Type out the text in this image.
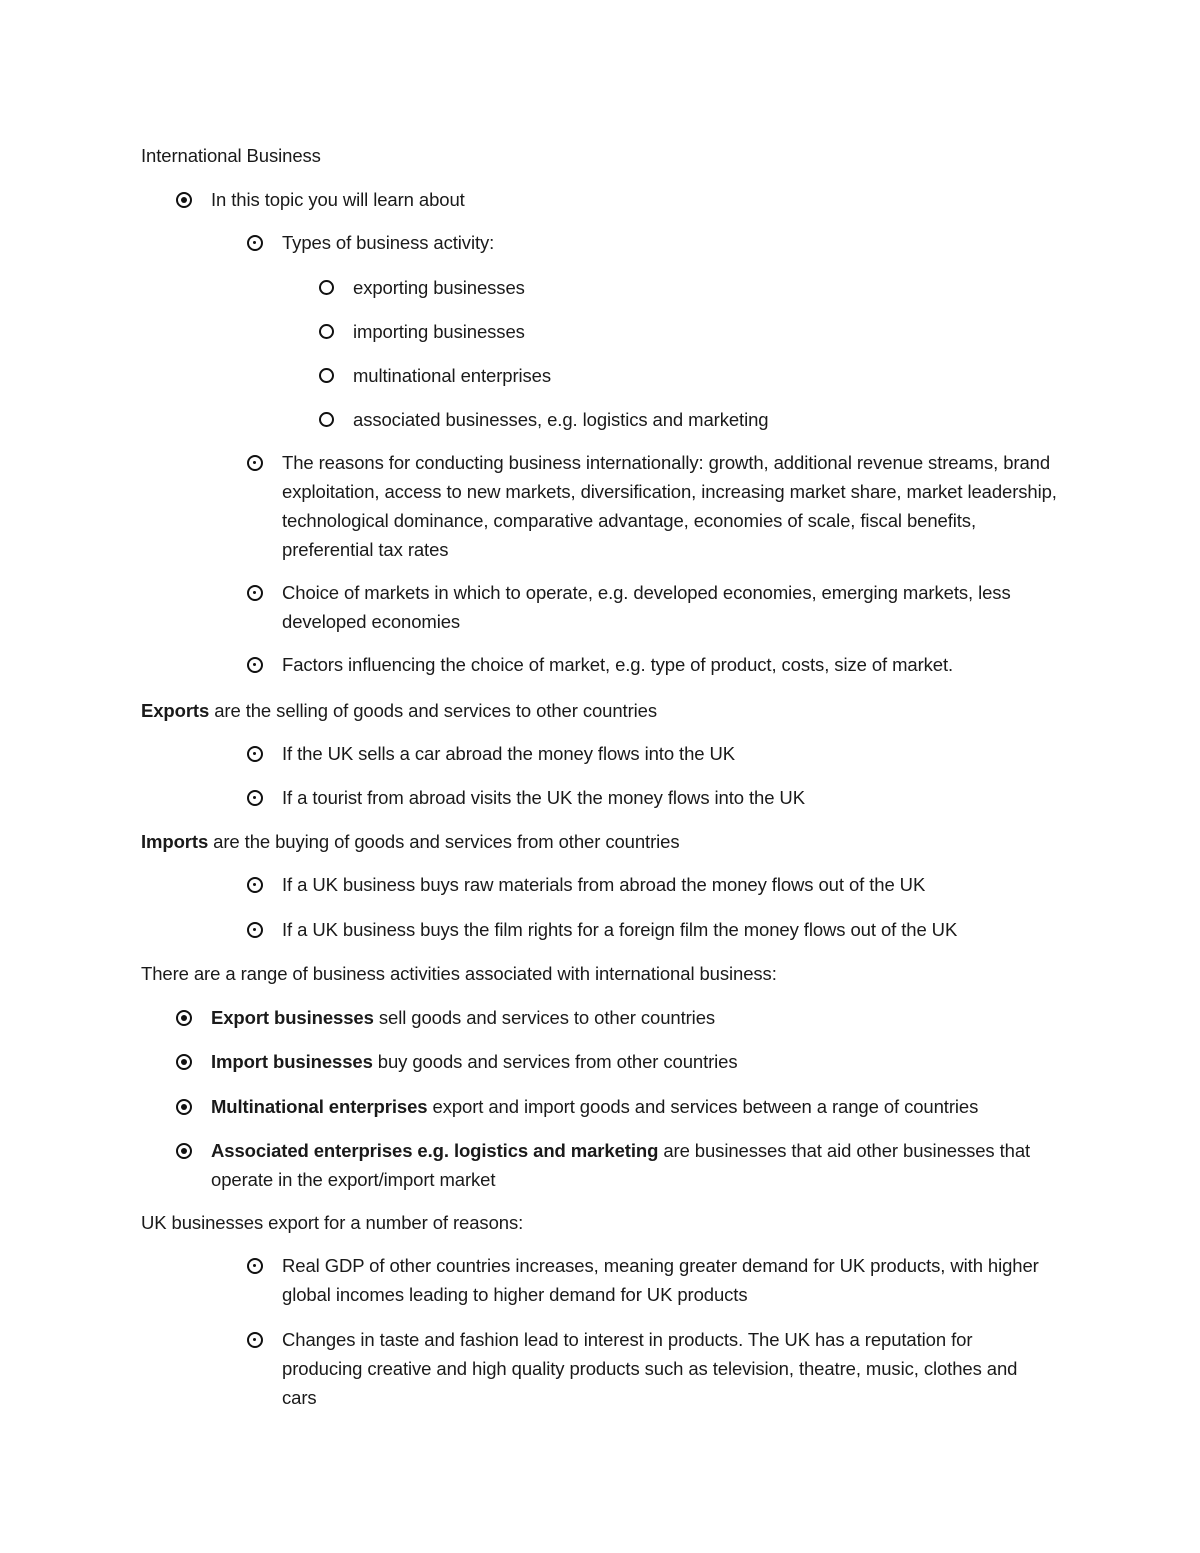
International Business
In this topic you will learn about
Types of business activity:
exporting businesses
importing businesses
multinational enterprises
associated businesses, e.g. logistics and marketing
The reasons for conducting business internationally: growth, additional revenue streams, brand exploitation, access to new markets, diversification, increasing market share, market leadership, technological dominance, comparative advantage, economies of scale, fiscal benefits, preferential tax rates
Choice of markets in which to operate, e.g. developed economies, emerging markets, less developed economies
Factors influencing the choice of market, e.g. type of product, costs, size of market.
Exports are the selling of goods and services to other countries
If the UK sells a car abroad the money flows into the UK
If a tourist from abroad visits the UK the money flows into the UK
Imports are the buying of goods and services from other countries
If a UK business buys raw materials from abroad the money flows out of the UK
If a UK business buys the film rights for a foreign film the money flows out of the UK
There are a range of business activities associated with international business:
Export businesses sell goods and services to other countries
Import businesses buy goods and services from other countries
Multinational enterprises export and import goods and services between a range of countries
Associated enterprises e.g. logistics and marketing are businesses that aid other businesses that operate in the export/import market
UK businesses export for a number of reasons:
Real GDP of other countries increases, meaning greater demand for UK products, with higher global incomes leading to higher demand for UK products
Changes in taste and fashion lead to interest in products. The UK has a reputation for producing creative and high quality products such as television, theatre, music, clothes and cars
